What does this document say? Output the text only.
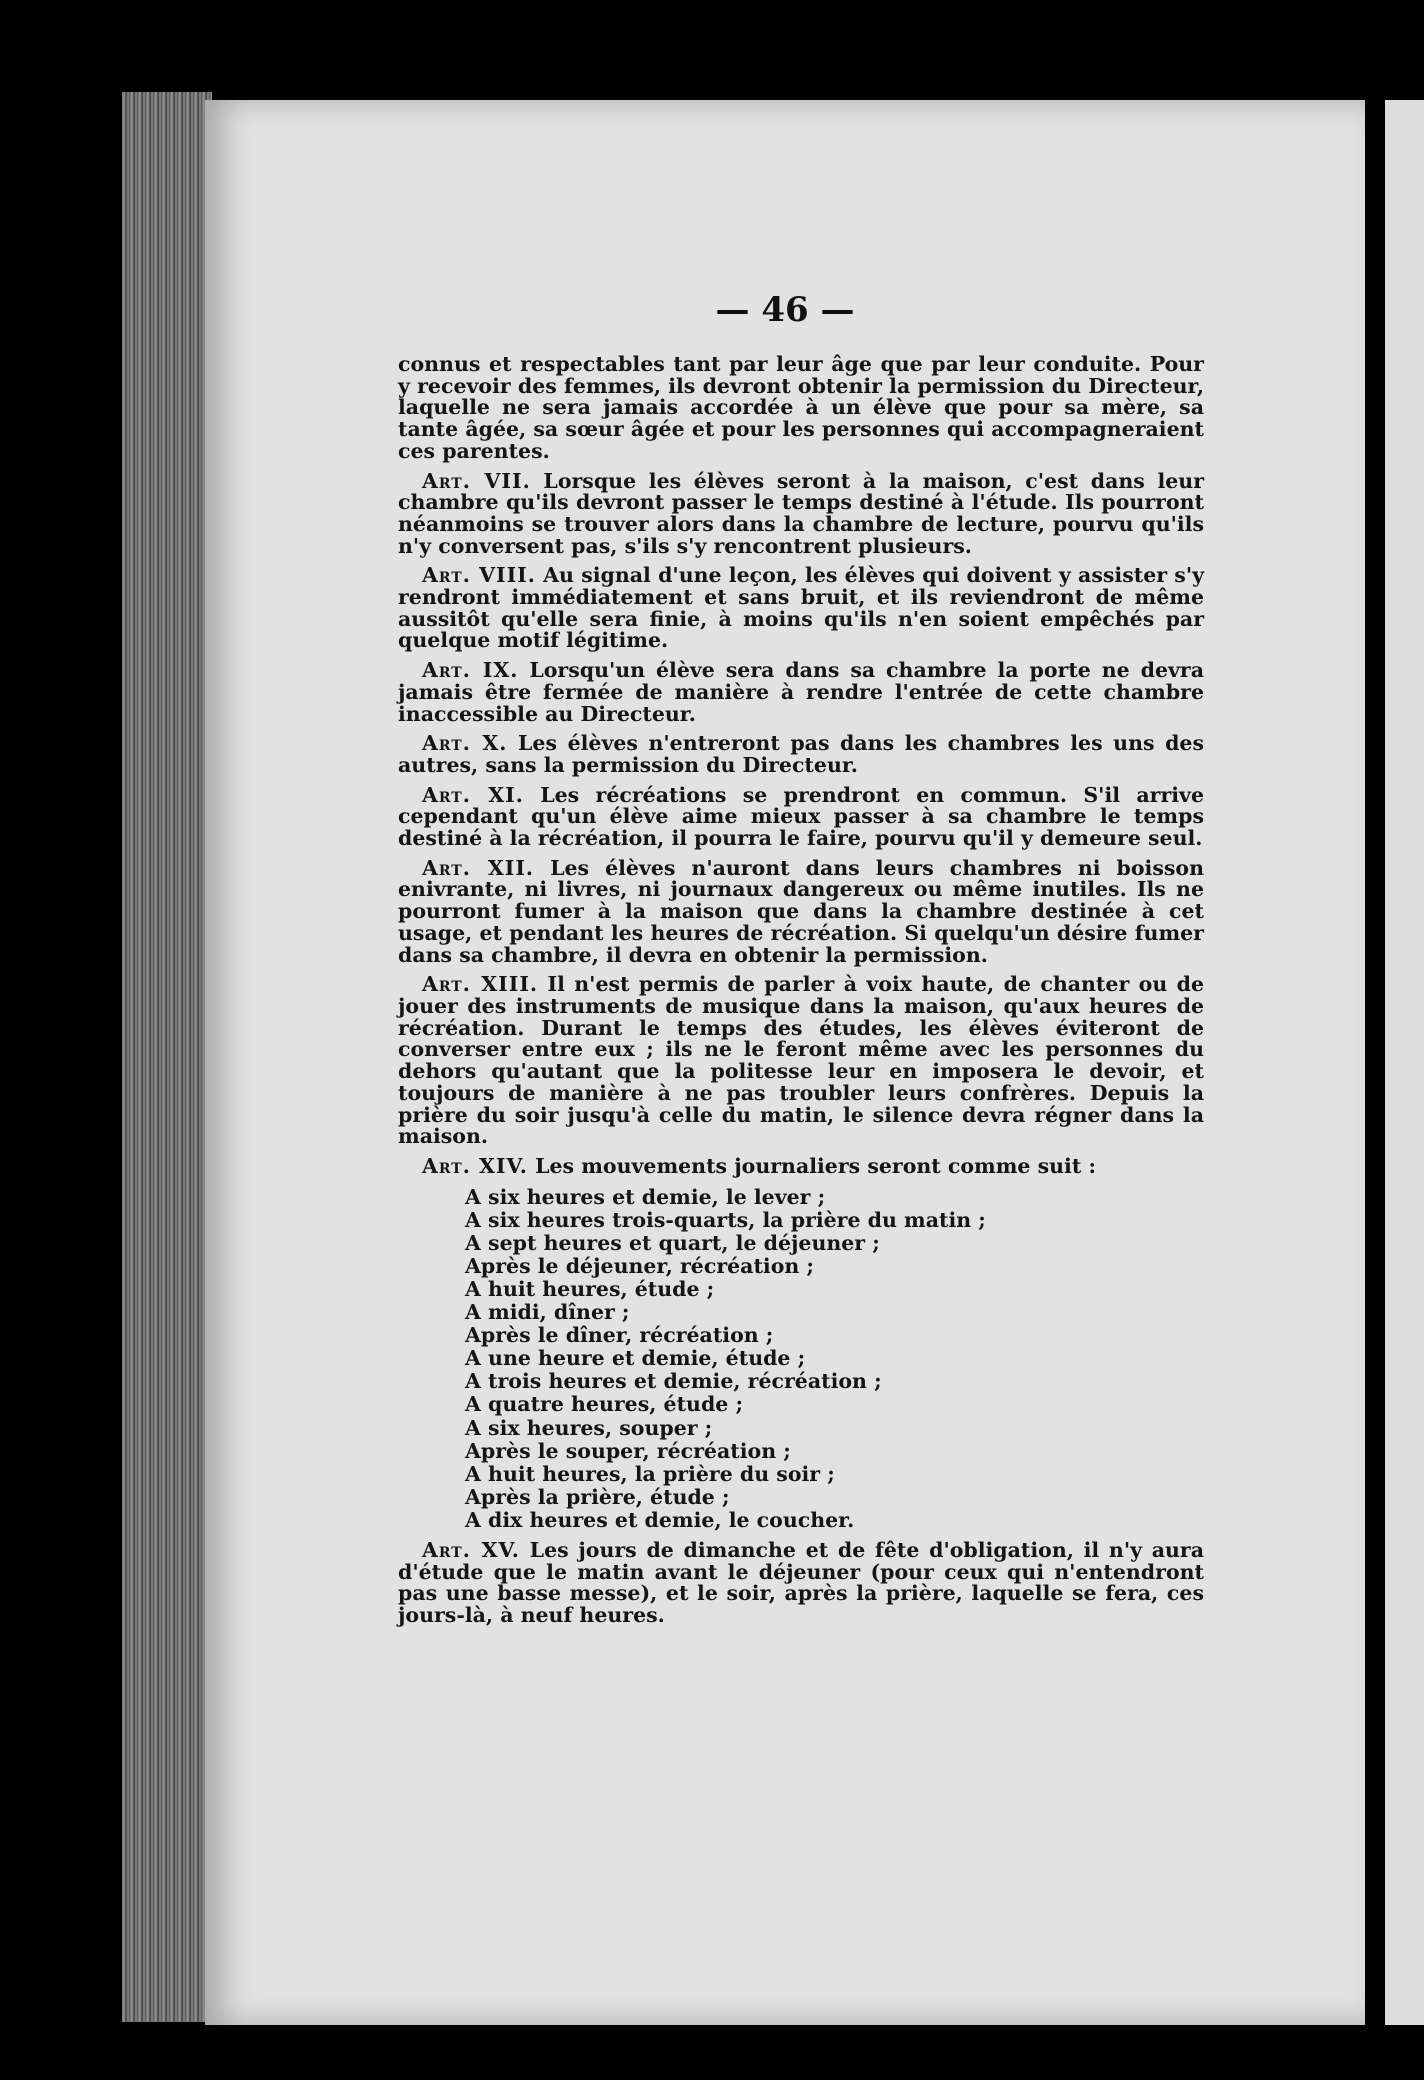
— 46 —

connus et respectables tant par leur âge que par leur conduite. Pour y recevoir des femmes, ils devront obtenir la permission du Directeur, laquelle ne sera jamais accordée à un élève que pour sa mère, sa tante âgée, sa sœur âgée et pour les personnes qui accompagneraient ces parentes.

Art. VII. Lorsque les élèves seront à la maison, c'est dans leur chambre qu'ils devront passer le temps destiné à l'étude. Ils pourront néanmoins se trouver alors dans la chambre de lecture, pourvu qu'ils n'y conversent pas, s'ils s'y rencontrent plusieurs.

Art. VIII. Au signal d'une leçon, les élèves qui doivent y assister s'y rendront immédiatement et sans bruit, et ils reviendront de même aussitôt qu'elle sera finie, à moins qu'ils n'en soient empêchés par quelque motif légitime.

Art. IX. Lorsqu'un élève sera dans sa chambre la porte ne devra jamais être fermée de manière à rendre l'entrée de cette chambre inaccessible au Directeur.

Art. X. Les élèves n'entreront pas dans les chambres les uns des autres, sans la permission du Directeur.

Art. XI. Les récréations se prendront en commun. S'il arrive cependant qu'un élève aime mieux passer à sa chambre le temps destiné à la récréation, il pourra le faire, pourvu qu'il y demeure seul.

Art. XII. Les élèves n'auront dans leurs chambres ni boisson enivrante, ni livres, ni journaux dangereux ou même inutiles. Ils ne pourront fumer à la maison que dans la chambre destinée à cet usage, et pendant les heures de récréation. Si quelqu'un désire fumer dans sa chambre, il devra en obtenir la permission.

Art. XIII. Il n'est permis de parler à voix haute, de chanter ou de jouer des instruments de musique dans la maison, qu'aux heures de récréation. Durant le temps des études, les élèves éviteront de converser entre eux ; ils ne le feront même avec les personnes du dehors qu'autant que la politesse leur en imposera le devoir, et toujours de manière à ne pas troubler leurs confrères. Depuis la prière du soir jusqu'à celle du matin, le silence devra régner dans la maison.

Art. XIV. Les mouvements journaliers seront comme suit :

A six heures et demie, le lever ;
A six heures trois-quarts, la prière du matin ;
A sept heures et quart, le déjeuner ;
Après le déjeuner, récréation ;
A huit heures, étude ;
A midi, dîner ;
Après le dîner, récréation ;
A une heure et demie, étude ;
A trois heures et demie, récréation ;
A quatre heures, étude ;
A six heures, souper ;
Après le souper, récréation ;
A huit heures, la prière du soir ;
Après la prière, étude ;
A dix heures et demie, le coucher.

Art. XV. Les jours de dimanche et de fête d'obligation, il n'y aura d'étude que le matin avant le déjeuner (pour ceux qui n'entendront pas une basse messe), et le soir, après la prière, laquelle se fera, ces jours-là, à neuf heures.
